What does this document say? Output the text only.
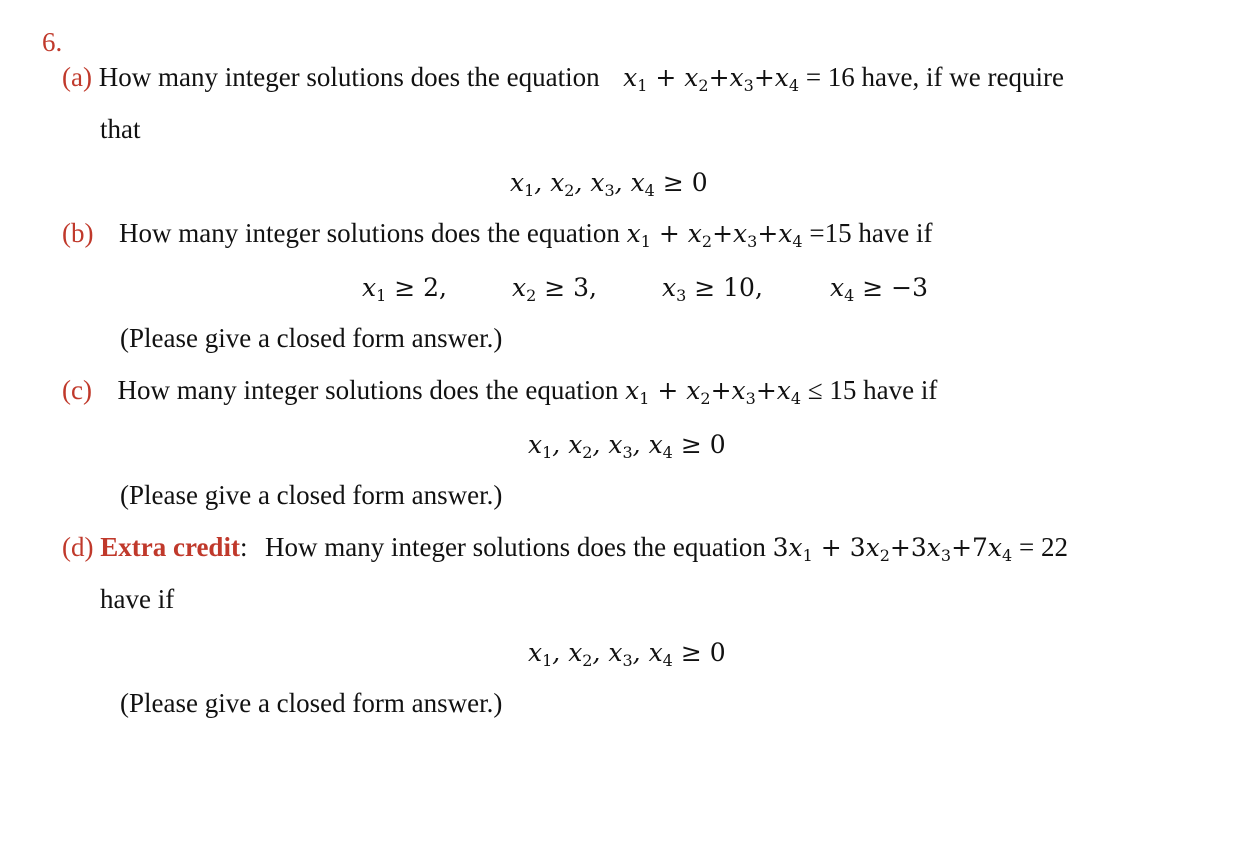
6.
(a) How many integer solutions does the equation $x_1 + x_2+x_3+x_4 = 16$ have, if we require
that
$x_1$, $x_2$, $x_3$, $x_4 \ge 0$
(b) How many integer solutions does the equation $x_1 + x_2+x_3+x_4 =15$ have if
$x_1 \ge 2$,	$x_2 \ge 3$,	$x_3 \ge 10$,	$x_4 \ge -3$
(Please give a closed form answer.)
(c) How many integer solutions does the equation $x_1 + x_2+x_3+x_4 \le 15$ have if
$x_1$, $x_2$, $x_3$, $x_4 \ge 0$
(Please give a closed form answer.)
(d) Extra credit: How many integer solutions does the equation $3x_1 + 3x_2+3x_3+7x_4 = 22$
have if
$x_1$, $x_2$, $x_3$, $x_4 \ge 0$
(Please give a closed form answer.)
